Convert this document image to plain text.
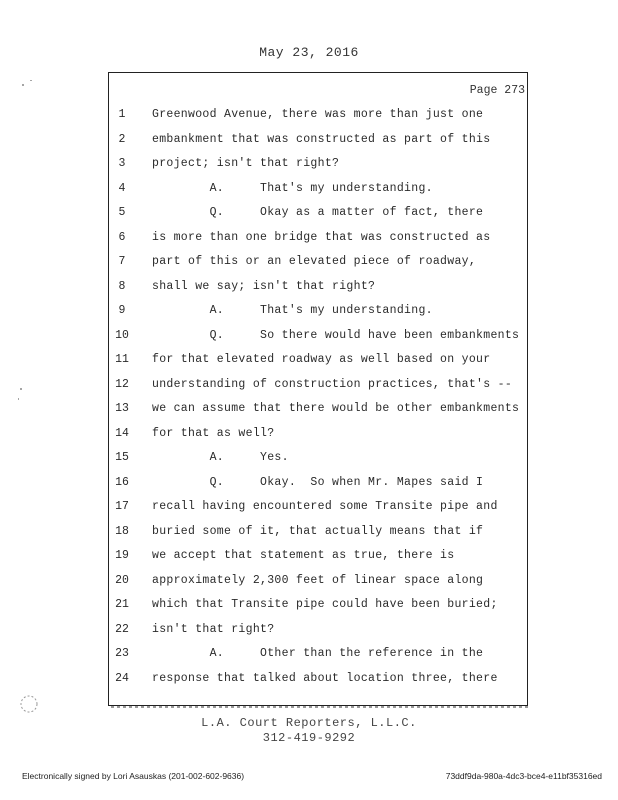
May 23, 2016
Page 273
1	Greenwood Avenue, there was more than just one
2	embankment that was constructed as part of this
3	project; isn't that right?
4	A.     That's my understanding.
5	Q.     Okay as a matter of fact, there
6	is more than one bridge that was constructed as
7	part of this or an elevated piece of roadway,
8	shall we say; isn't that right?
9	A.     That's my understanding.
10	Q.     So there would have been embankments
11	for that elevated roadway as well based on your
12	understanding of construction practices, that's --
13	we can assume that there would be other embankments
14	for that as well?
15	A.     Yes.
16	Q.     Okay.  So when Mr. Mapes said I
17	recall having encountered some Transite pipe and
18	buried some of it, that actually means that if
19	we accept that statement as true, there is
20	approximately 2,300 feet of linear space along
21	which that Transite pipe could have been buried;
22	isn't that right?
23	A.     Other than the reference in the
24	response that talked about location three, there
L.A. Court Reporters, L.L.C.
312-419-9292
Electronically signed by Lori Asauskas (201-002-602-9636)	73ddf9da-980a-4dc3-bce4-e11bf35316ed
